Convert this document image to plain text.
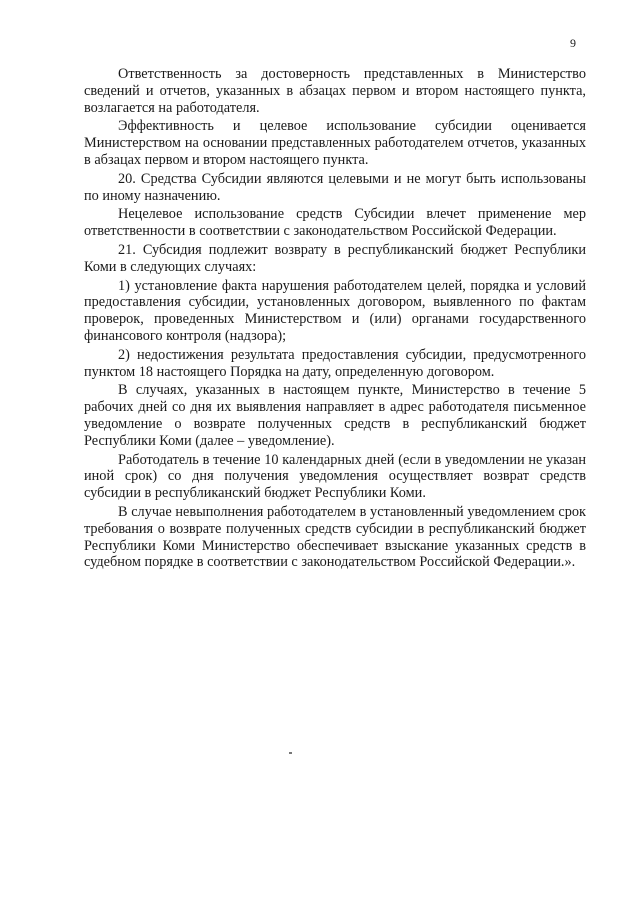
9

Ответственность за достоверность представленных в Министерство сведений и отчетов, указанных в абзацах первом и втором настоящего пункта, возлагается на работодателя.

Эффективность и целевое использование субсидии оценивается Министерством на основании представленных работодателем отчетов, указанных в абзацах первом и втором настоящего пункта.

20. Средства Субсидии являются целевыми и не могут быть использованы по иному назначению.

Нецелевое использование средств Субсидии влечет применение мер ответственности в соответствии с законодательством Российской Федерации.

21. Субсидия подлежит возврату в республиканский бюджет Республики Коми в следующих случаях:

1) установление факта нарушения работодателем целей, порядка и условий предоставления субсидии, установленных договором, выявленного по фактам проверок, проведенных Министерством и (или) органами государственного финансового контроля (надзора);

2) недостижения результата предоставления субсидии, предусмотренного пунктом 18 настоящего Порядка на дату, определенную договором.

В случаях, указанных в настоящем пункте, Министерство в течение 5 рабочих дней со дня их выявления направляет в адрес работодателя письменное уведомление о возврате полученных средств в республиканский бюджет Республики Коми (далее – уведомление).

Работодатель в течение 10 календарных дней (если в уведомлении не указан иной срок) со дня получения уведомления осуществляет возврат средств субсидии в республиканский бюджет Республики Коми.

В случае невыполнения работодателем в установленный уведомлением срок требования о возврате полученных средств субсидии в республиканский бюджет Республики Коми Министерство обеспечивает взыскание указанных средств в судебном порядке в соответствии с законодательством Российской Федерации.».
